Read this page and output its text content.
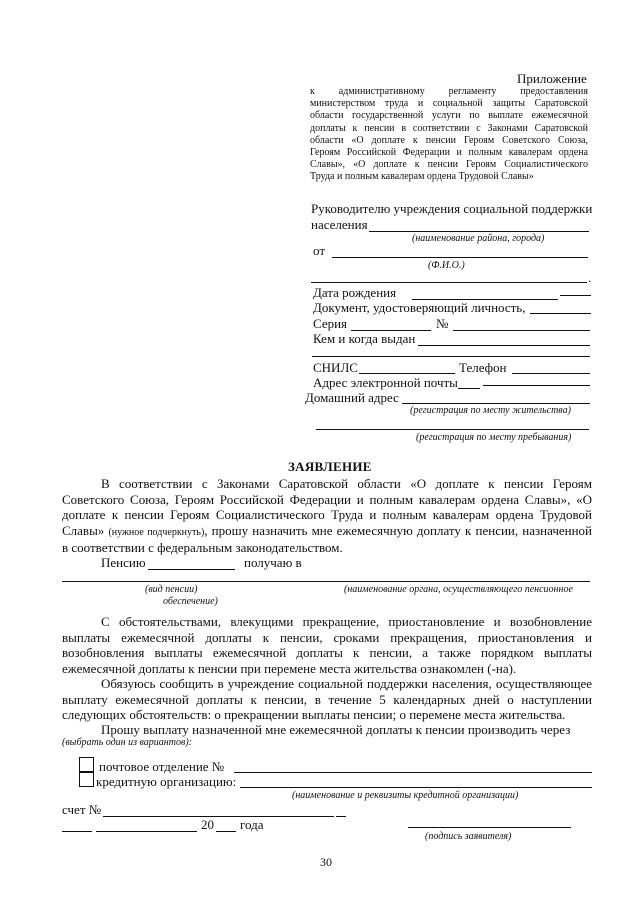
Приложение
к административному регламенту предоставления
министерством труда и социальной защиты Саратовской
области государственной услуги по выплате ежемесячной
доплаты к пенсии в соответствии с Законами Саратовской
области «О доплате к пенсии Героям Советского Союза,
Героям Российской Федерации и полным кавалерам ордена
Славы», «О доплате к пенсии Героям Социалистического
Труда и полным кавалерам ордена Трудовой Славы»
Руководителю учреждения социальной поддержки
населения
(наименование района, города)
от
(Ф.И.О.)
.
Дата рождения
Документ, удостоверяющий личность,
Серия	№
Кем и когда выдан
СНИЛС	Телефон
Адрес электронной почты
Домашний адрес
(регистрация по месту жительства)
(регистрация по месту пребывания)
ЗАЯВЛЕНИЕ
В соответствии с Законами Саратовской области «О доплате к пенсии Героям
Советского Союза, Героям Российской Федерации и полным кавалерам ордена Славы», «О
доплате к пенсии Героям Социалистического Труда и полным кавалерам ордена Трудовой
Славы» (нужное подчеркнуть), прошу назначить мне ежемесячную доплату к пенсии, назначенной
в соответствии с федеральным законодательством.
Пенсию	получаю в
(вид пенсии)	(наименование органа, осуществляющего пенсионное
обеспечение)
С обстоятельствами, влекущими прекращение, приостановление и возобновление
выплаты ежемесячной доплаты к пенсии, сроками прекращения, приостановления и
возобновления выплаты ежемесячной доплаты к пенсии, а также порядком выплаты
ежемесячной доплаты к пенсии при перемене места жительства ознакомлен (-на).
Обязуюсь сообщить в учреждение социальной поддержки населения, осуществляющее
выплату ежемесячной доплаты к пенсии, в течение 5 календарных дней о наступлении
следующих обстоятельств: о прекращении выплаты пенсии; о перемене места жительства.
Прошу выплату назначенной мне ежемесячной доплаты к пенсии производить через
(выбрать один из вариантов):
почтовое отделение №
кредитную организацию:
(наименование и реквизиты кредитной организации)
счет №
20 года
(подпись заявителя)
30
